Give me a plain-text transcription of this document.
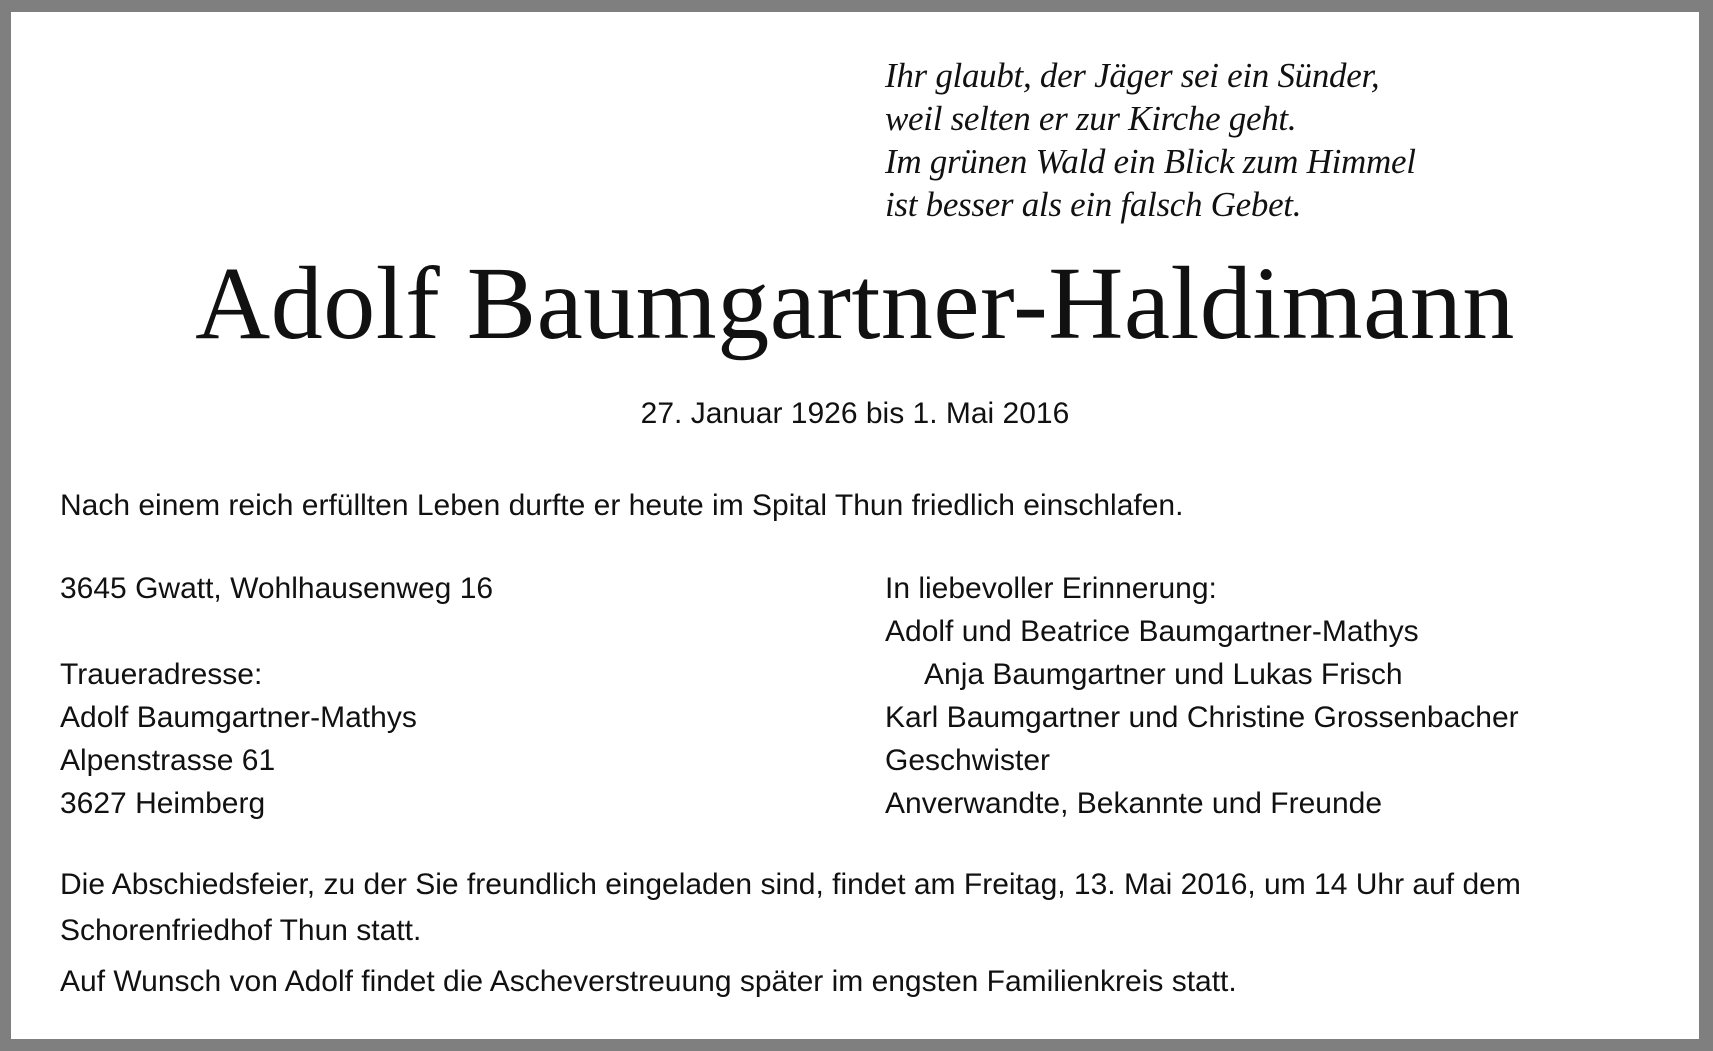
Ihr glaubt, der Jäger sei ein Sünder,
weil selten er zur Kirche geht.
Im grünen Wald ein Blick zum Himmel
ist besser als ein falsch Gebet.
Adolf Baumgartner-Haldimann
27. Januar 1926 bis 1. Mai 2016
Nach einem reich erfüllten Leben durfte er heute im Spital Thun friedlich einschlafen.
3645 Gwatt, Wohlhausenweg 16
Traueradresse:
Adolf Baumgartner-Mathys
Alpenstrasse 61
3627 Heimberg
In liebevoller Erinnerung:
Adolf und Beatrice Baumgartner-Mathys
Anja Baumgartner und Lukas Frisch
Karl Baumgartner und Christine Grossenbacher
Geschwister
Anverwandte, Bekannte und Freunde
Die Abschiedsfeier, zu der Sie freundlich eingeladen sind, findet am Freitag, 13. Mai 2016, um 14 Uhr auf dem
Schorenfriedhof Thun statt.
Auf Wunsch von Adolf findet die Ascheverstreuung später im engsten Familienkreis statt.
